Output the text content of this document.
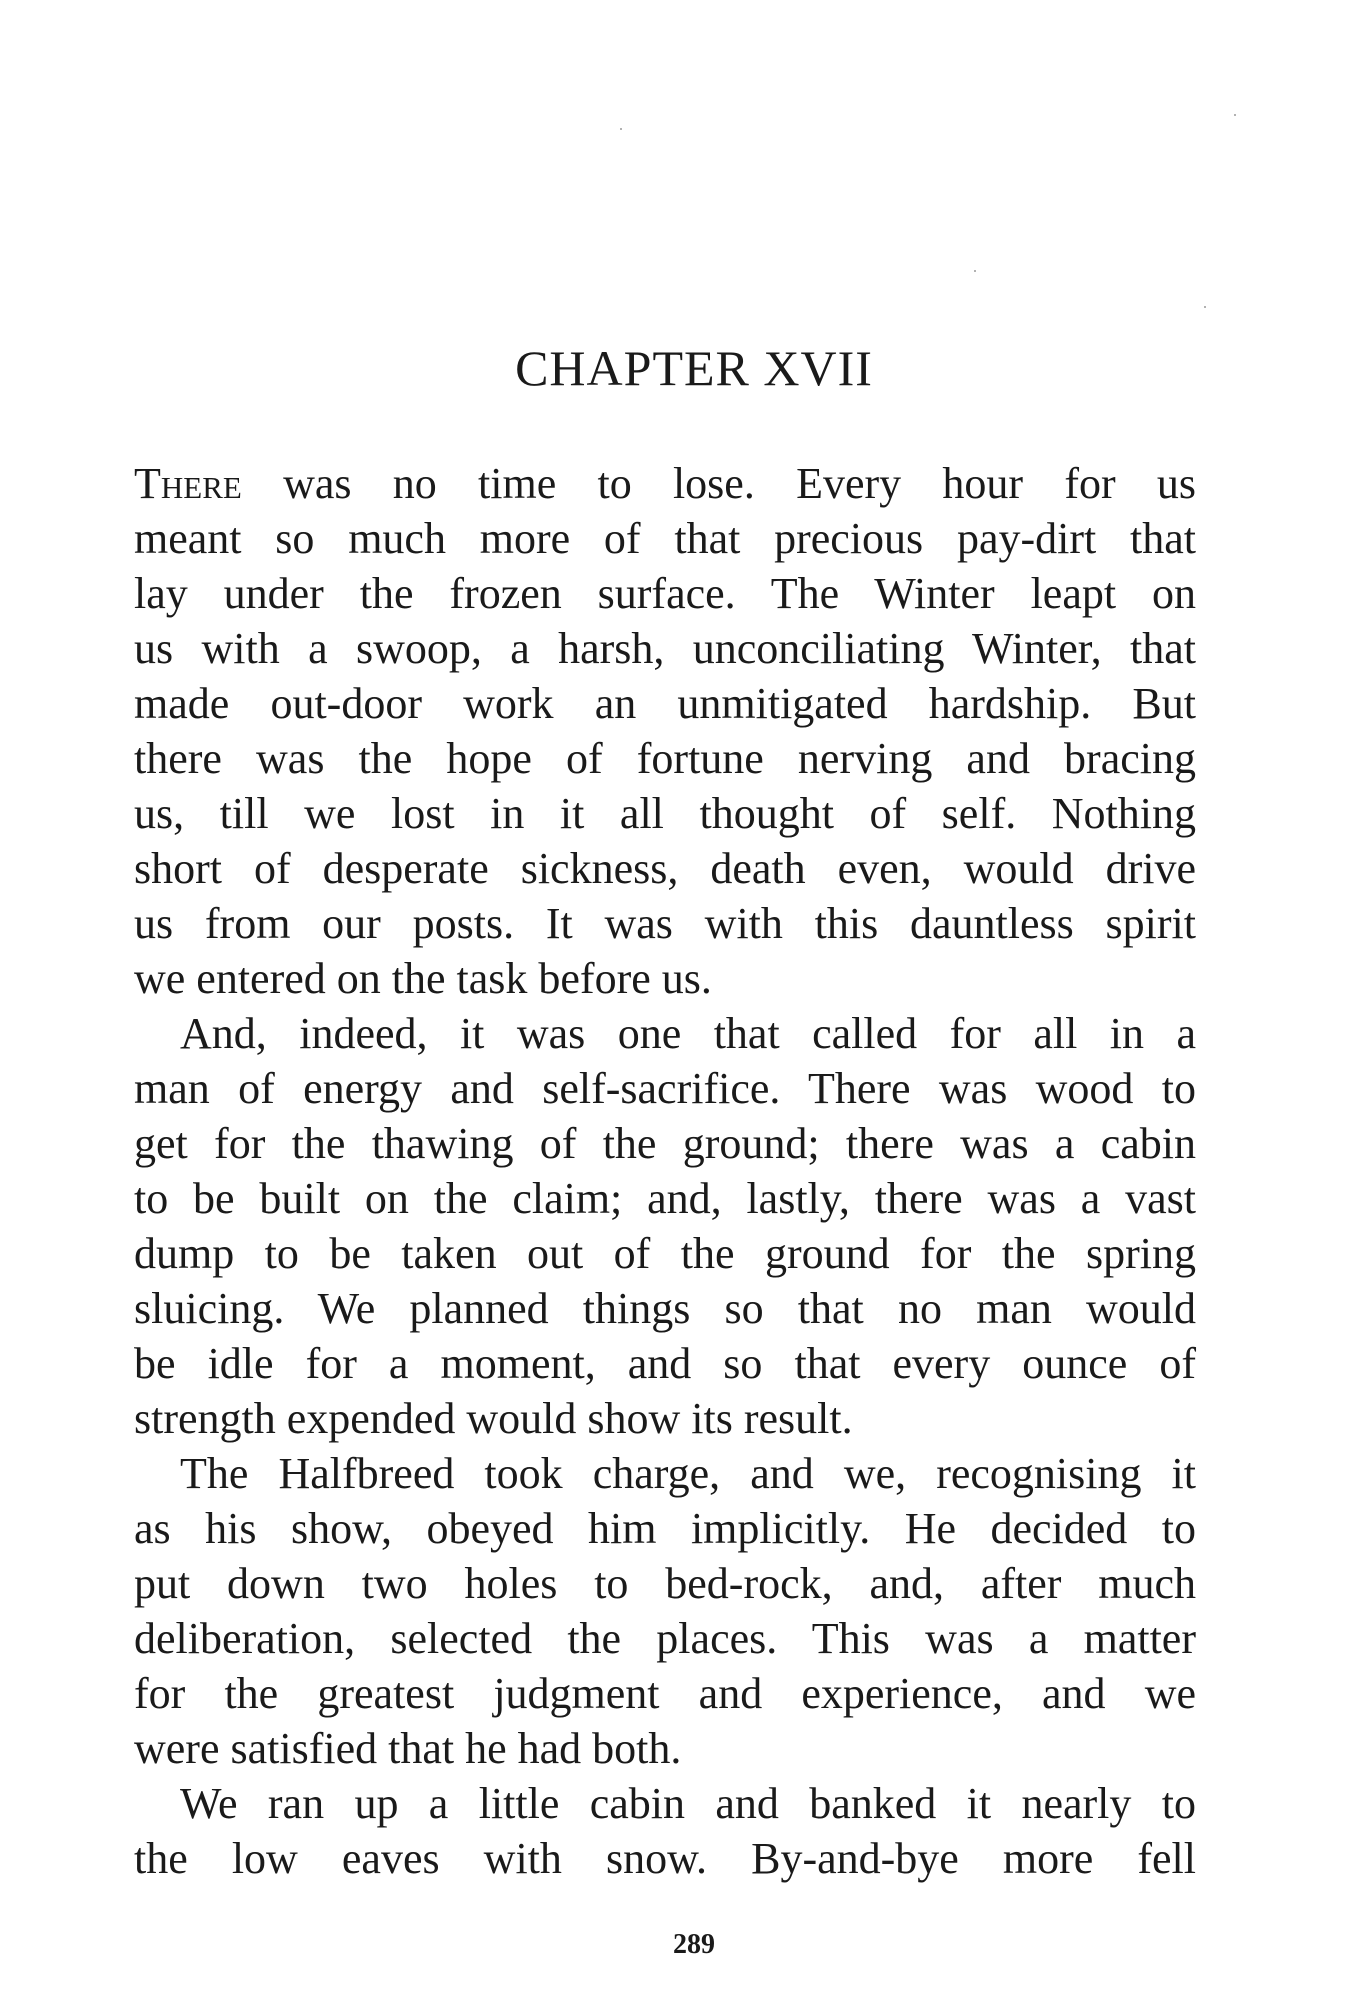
CHAPTER XVII

There was no time to lose. Every hour for us
meant so much more of that precious pay-dirt that
lay under the frozen surface. The Winter leapt on
us with a swoop, a harsh, unconciliating Winter, that
made out-door work an unmitigated hardship. But
there was the hope of fortune nerving and bracing
us, till we lost in it all thought of self. Nothing
short of desperate sickness, death even, would drive
us from our posts. It was with this dauntless spirit
we entered on the task before us.

And, indeed, it was one that called for all in a
man of energy and self-sacrifice. There was wood to
get for the thawing of the ground; there was a cabin
to be built on the claim; and, lastly, there was a vast
dump to be taken out of the ground for the spring
sluicing. We planned things so that no man would
be idle for a moment, and so that every ounce of
strength expended would show its result.

The Halfbreed took charge, and we, recognising it
as his show, obeyed him implicitly. He decided to
put down two holes to bed-rock, and, after much
deliberation, selected the places. This was a matter
for the greatest judgment and experience, and we
were satisfied that he had both.

We ran up a little cabin and banked it nearly to
the low eaves with snow. By-and-bye more fell

289
